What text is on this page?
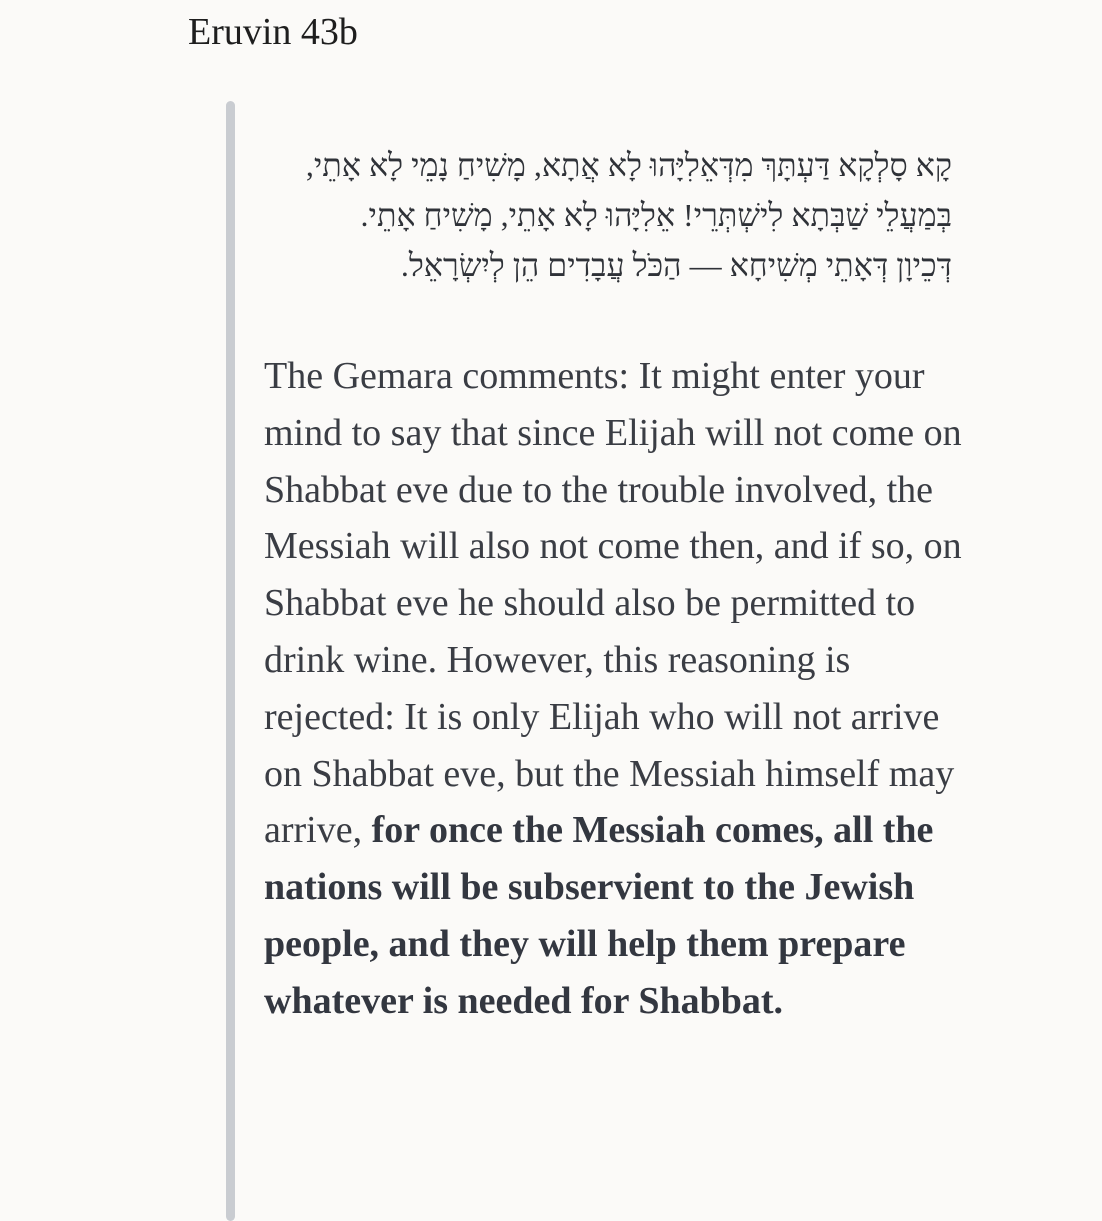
Eruvin 43b

קָא סָלְקָא דַּעְתָּךְ מִדְּאֵלִיָּהוּ לָא אֲתָא, מָשִׁיחַ נָמֵי לָא אָתֵי,
בְּמַעֲלֵי שַׁבְּתָא לִישְׁתְּרֵי! אֵלִיָּהוּ לָא אָתֵי, מָשִׁיחַ אָתֵי.
דְּכֵיוָן דְּאָתֵי מְשִׁיחָא — הַכֹּל עֲבָדִים הֵן לְיִשְׂרָאֵל.

The Gemara comments: It might enter your mind to say that since Elijah will not come on Shabbat eve due to the trouble involved, the Messiah will also not come then, and if so, on Shabbat eve he should also be permitted to drink wine. However, this reasoning is rejected: It is only Elijah who will not arrive on Shabbat eve, but the Messiah himself may arrive, for once the Messiah comes, all the nations will be subservient to the Jewish people, and they will help them prepare whatever is needed for Shabbat.
